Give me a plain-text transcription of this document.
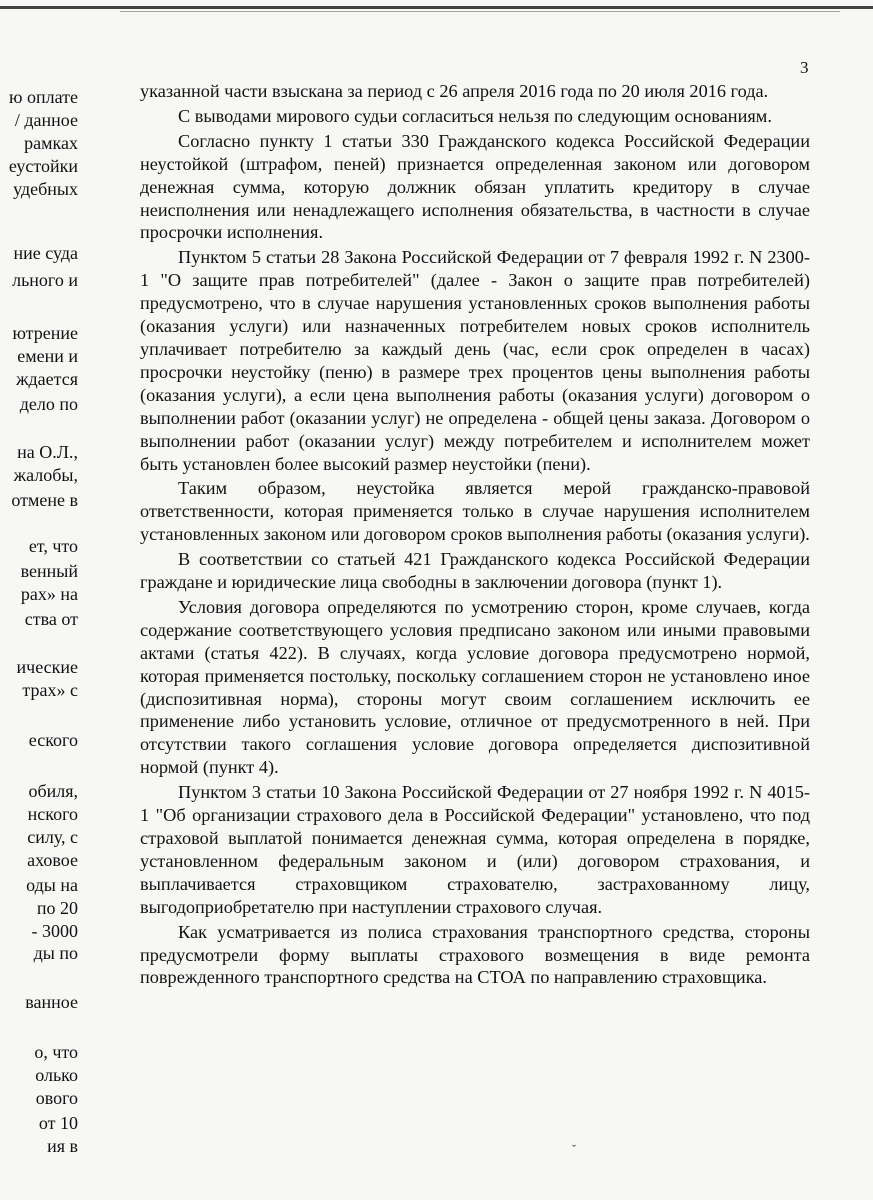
3
ю оплате
/ данное
рамках
еустойки
удебных
ние суда
льного и
ютрение
емени и
ждается
дело по
на О.Л.,
жалобы,
отмене в
ет, что
венный
рах» на
ства от
ические
трах» с
еского
обиля,
нского
силу, с
аховое
оды на
по 20
- 3000
ды по
ванное
о, что
олько
ового
от 10
ия в

указанной части взыскана за период с 26 апреля 2016 года по 20 июля 2016 года.

С выводами мирового судьи согласиться нельзя по следующим основаниям.

Согласно пункту 1 статьи 330 Гражданского кодекса Российской Федерации неустойкой (штрафом, пеней) признается определенная законом или договором денежная сумма, которую должник обязан уплатить кредитору в случае неисполнения или ненадлежащего исполнения обязательства, в частности в случае просрочки исполнения.

Пунктом 5 статьи 28 Закона Российской Федерации от 7 февраля 1992 г. N 2300-1 "О защите прав потребителей" (далее - Закон о защите прав потребителей) предусмотрено, что в случае нарушения установленных сроков выполнения работы (оказания услуги) или назначенных потребителем новых сроков исполнитель уплачивает потребителю за каждый день (час, если срок определен в часах) просрочки неустойку (пеню) в размере трех процентов цены выполнения работы (оказания услуги), а если цена выполнения работы (оказания услуги) договором о выполнении работ (оказании услуг) не определена - общей цены заказа. Договором о выполнении работ (оказании услуг) между потребителем и исполнителем может быть установлен более высокий размер неустойки (пени).

Таким образом, неустойка является мерой гражданско-правовой ответственности, которая применяется только в случае нарушения исполнителем установленных законом или договором сроков выполнения работы (оказания услуги).

В соответствии со статьей 421 Гражданского кодекса Российской Федерации граждане и юридические лица свободны в заключении договора (пункт 1).

Условия договора определяются по усмотрению сторон, кроме случаев, когда содержание соответствующего условия предписано законом или иными правовыми актами (статья 422). В случаях, когда условие договора предусмотрено нормой, которая применяется постольку, поскольку соглашением сторон не установлено иное (диспозитивная норма), стороны могут своим соглашением исключить ее применение либо установить условие, отличное от предусмотренного в ней. При отсутствии такого соглашения условие договора определяется диспозитивной нормой (пункт 4).

Пунктом 3 статьи 10 Закона Российской Федерации от 27 ноября 1992 г. N 4015-1 "Об организации страхового дела в Российской Федерации" установлено, что под страховой выплатой понимается денежная сумма, которая определена в порядке, установленном федеральным законом и (или) договором страхования, и выплачивается страховщиком страхователю, застрахованному лицу, выгодоприобретателю при наступлении страхового случая.

Как усматривается из полиса страхования транспортного средства, стороны предусмотрели форму выплаты страхового возмещения в виде ремонта поврежденного транспортного средства на СТОА по направлению страховщика.

ˇ
